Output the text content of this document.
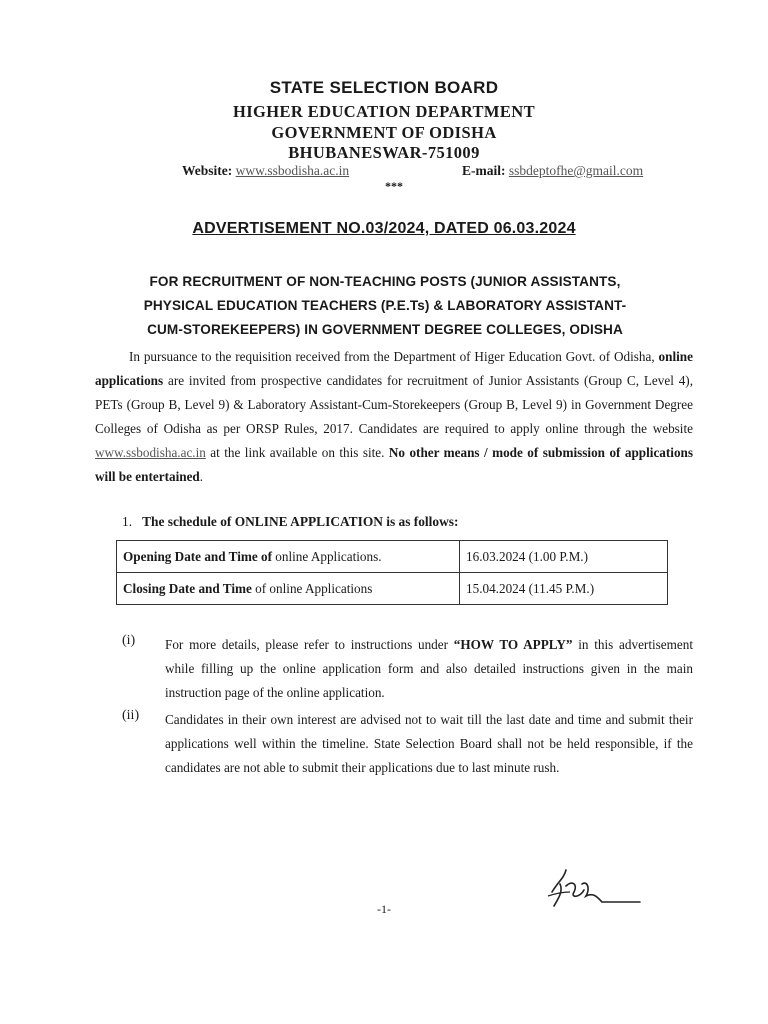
STATE SELECTION BOARD
HIGHER EDUCATION DEPARTMENT
GOVERNMENT OF ODISHA
BHUBANESWAR-751009
Website: www.ssbodisha.ac.in	E-mail: ssbdeptofhe@gmail.com
***
ADVERTISEMENT NO.03/2024, DATED 06.03.2024
FOR RECRUITMENT OF NON-TEACHING POSTS (JUNIOR ASSISTANTS,
PHYSICAL EDUCATION TEACHERS (P.E.Ts) & LABORATORY ASSISTANT-
CUM-STOREKEEPERS) IN GOVERNMENT DEGREE COLLEGES, ODISHA
In pursuance to the requisition received from the Department of Higer Education Govt. of Odisha, online applications are invited from prospective candidates for recruitment of Junior Assistants (Group C, Level 4), PETs (Group B, Level 9) & Laboratory Assistant-Cum-Storekeepers (Group B, Level 9) in Government Degree Colleges of Odisha as per ORSP Rules, 2017. Candidates are required to apply online through the website www.ssbodisha.ac.in at the link available on this site. No other means / mode of submission of applications will be entertained.
1. The schedule of ONLINE APPLICATION is as follows:
Opening Date and Time of online Applications.	16.03.2024 (1.00 P.M.)
Closing Date and Time of online Applications	15.04.2024 (11.45 P.M.)
(i) For more details, please refer to instructions under “HOW TO APPLY” in this advertisement while filling up the online application form and also detailed instructions given in the main instruction page of the online application.
(ii) Candidates in their own interest are advised not to wait till the last date and time and submit their applications well within the timeline. State Selection Board shall not be held responsible, if the candidates are not able to submit their applications due to last minute rush.
-1-
